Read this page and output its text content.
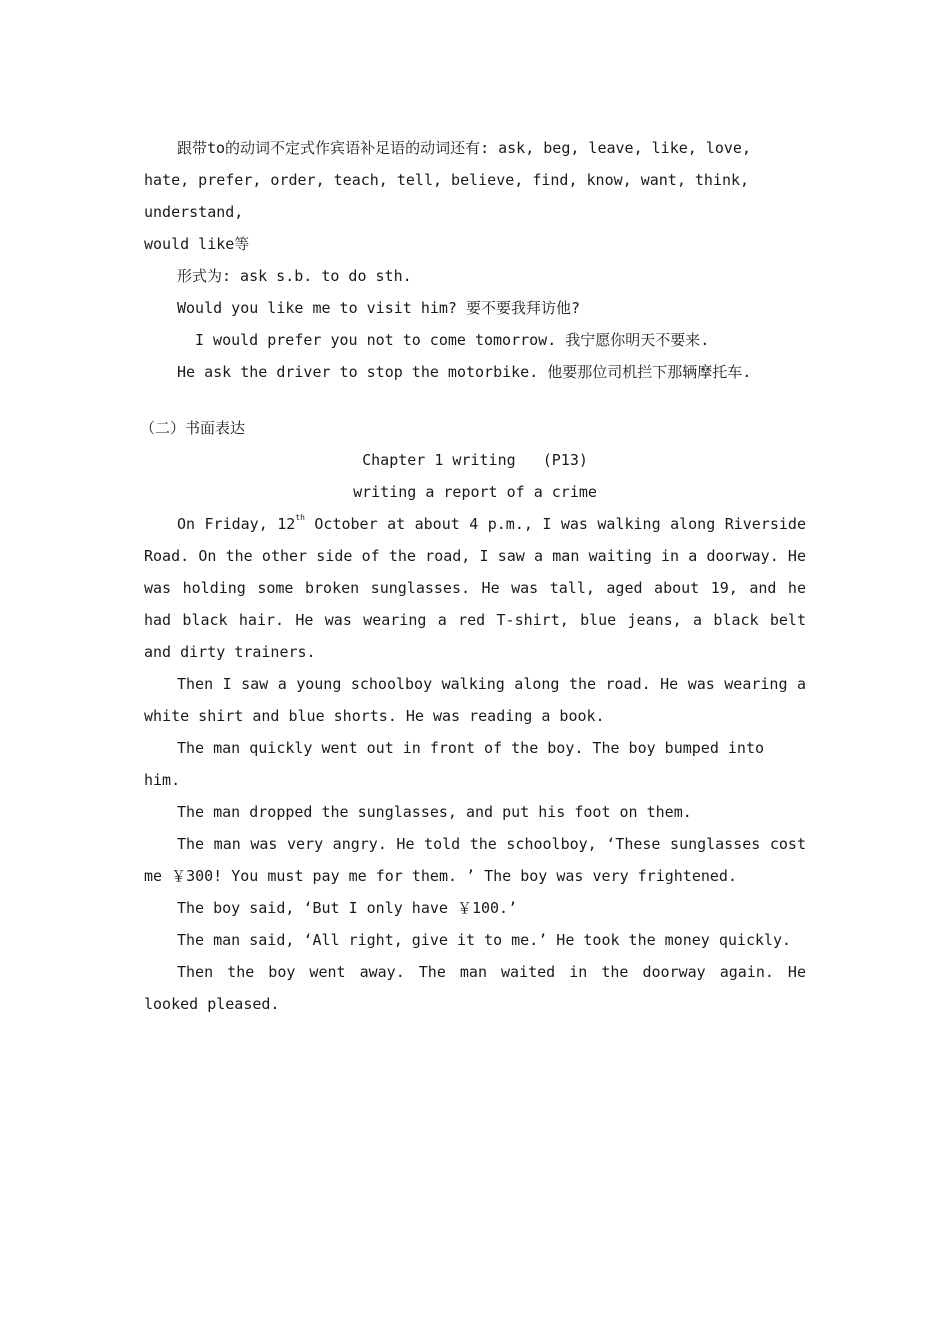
跟带to的动词不定式作宾语补足语的动词还有: ask, beg, leave, like, love,

hate, prefer, order, teach, tell, believe, find, know, want, think, understand,

would like等

形式为: ask s.b. to do sth.

Would you like me to visit him? 要不要我拜访他?

I would prefer you not to come tomorrow. 我宁愿你明天不要来.

He ask the driver to stop the motorbike. 他要那位司机拦下那辆摩托车.

（二）书面表达

Chapter 1 writing   (P13)

writing a report of a crime

On Friday, 12th October at about 4 p.m., I was walking along Riverside Road. On the other side of the road, I saw a man waiting in a doorway. He was holding some broken sunglasses. He was tall, aged about 19, and he had black hair. He was wearing a red T-shirt, blue jeans, a black belt and dirty trainers.

Then I saw a young schoolboy walking along the road. He was wearing a white shirt and blue shorts. He was reading a book.

The man quickly went out in front of the boy. The boy bumped into him.

The man dropped the sunglasses, and put his foot on them.

The man was very angry. He told the schoolboy, ‘These sunglasses cost me ￥300! You must pay me for them. ’ The boy was very frightened.

The boy said, ‘But I only have ￥100.’

The man said, ‘All right, give it to me.’ He took the money quickly.

Then the boy went away. The man waited in the doorway again. He looked pleased.
